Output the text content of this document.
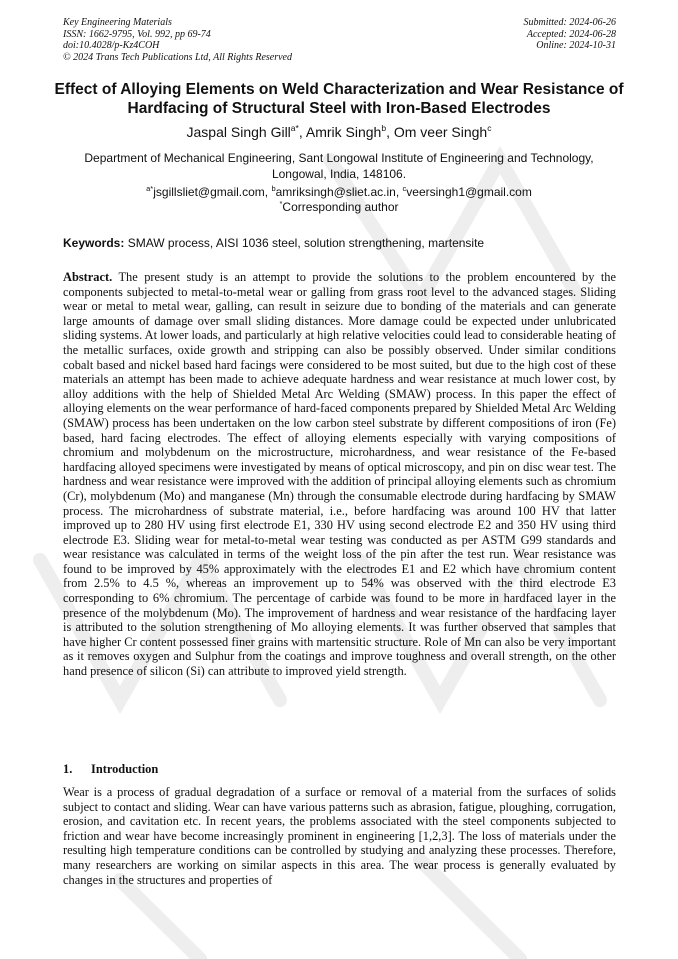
Key Engineering Materials
ISSN: 1662-9795, Vol. 992, pp 69-74
doi:10.4028/p-Kz4COH
© 2024 Trans Tech Publications Ltd, All Rights Reserved
Submitted: 2024-06-26
Accepted: 2024-06-28
Online: 2024-10-31
Effect of Alloying Elements on Weld Characterization and Wear Resistance of Hardfacing of Structural Steel with Iron-Based Electrodes
Jaspal Singh Gill$^{a*}$, Amrik Singh$^b$, Om veer Singh$^c$
Department of Mechanical Engineering, Sant Longowal Institute of Engineering and Technology, Longowal, India, 148106.
$^{a*}$jsgillsliet@gmail.com, $^b$amriksingh@sliet.ac.in, $^c$veersingh1@gmail.com
*Corresponding author
Keywords: SMAW process, AISI 1036 steel, solution strengthening, martensite

Abstract. The present study is an attempt to provide the solutions to the problem encountered by the components subjected to metal-to-metal wear or galling from grass root level to the advanced stages. Sliding wear or metal to metal wear, galling, can result in seizure due to bonding of the materials and can generate large amounts of damage over small sliding distances. More damage could be expected under unlubricated sliding systems. At lower loads, and particularly at high relative velocities could lead to considerable heating of the metallic surfaces, oxide growth and stripping can also be possibly observed. Under similar conditions cobalt based and nickel based hard facings were considered to be most suited, but due to the high cost of these materials an attempt has been made to achieve adequate hardness and wear resistance at much lower cost, by alloy additions with the help of Shielded Metal Arc Welding (SMAW) process. In this paper the effect of alloying elements on the wear performance of hard-faced components prepared by Shielded Metal Arc Welding (SMAW) process has been undertaken on the low carbon steel substrate by different compositions of iron (Fe) based, hard facing electrodes. The effect of alloying elements especially with varying compositions of chromium and molybdenum on the microstructure, microhardness, and wear resistance of the Fe-based hardfacing alloyed specimens were investigated by means of optical microscopy, and pin on disc wear test. The hardness and wear resistance were improved with the addition of principal alloying elements such as chromium (Cr), molybdenum (Mo) and manganese (Mn) through the consumable electrode during hardfacing by SMAW process. The microhardness of substrate material, i.e., before hardfacing was around 100 HV that latter improved up to 280 HV using first electrode E1, 330 HV using second electrode E2 and 350 HV using third electrode E3. Sliding wear for metal-to-metal wear testing was conducted as per ASTM G99 standards and wear resistance was calculated in terms of the weight loss of the pin after the test run. Wear resistance was found to be improved by 45% approximately with the electrodes E1 and E2 which have chromium content from 2.5% to 4.5 %, whereas an improvement up to 54% was observed with the third electrode E3 corresponding to 6% chromium. The percentage of carbide was found to be more in hardfaced layer in the presence of the molybdenum (Mo). The improvement of hardness and wear resistance of the hardfacing layer is attributed to the solution strengthening of Mo alloying elements. It was further observed that samples that have higher Cr content possessed finer grains with martensitic structure. Role of Mn can also be very important as it removes oxygen and Sulphur from the coatings and improve toughness and overall strength, on the other hand presence of silicon (Si) can attribute to improved yield strength.

1. Introduction

Wear is a process of gradual degradation of a surface or removal of a material from the surfaces of solids subject to contact and sliding. Wear can have various patterns such as abrasion, fatigue, ploughing, corrugation, erosion, and cavitation etc. In recent years, the problems associated with the steel components subjected to friction and wear have become increasingly prominent in engineering [1,2,3]. The loss of materials under the resulting high temperature conditions can be controlled by studying and analyzing these processes. Therefore, many researchers are working on similar aspects in this area. The wear process is generally evaluated by changes in the structures and properties of
